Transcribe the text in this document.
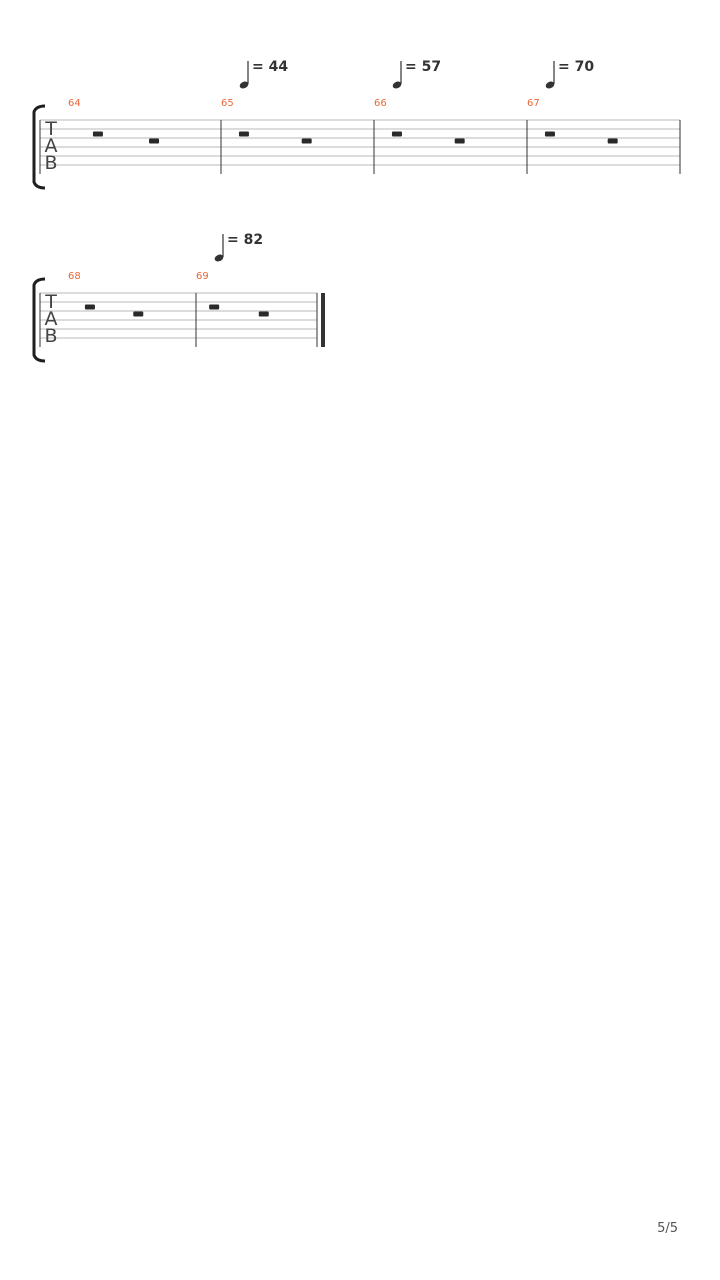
T
A
B
64	65	66	67
= 44	= 57	= 70
T
A
B
68	69
= 82
5/5
